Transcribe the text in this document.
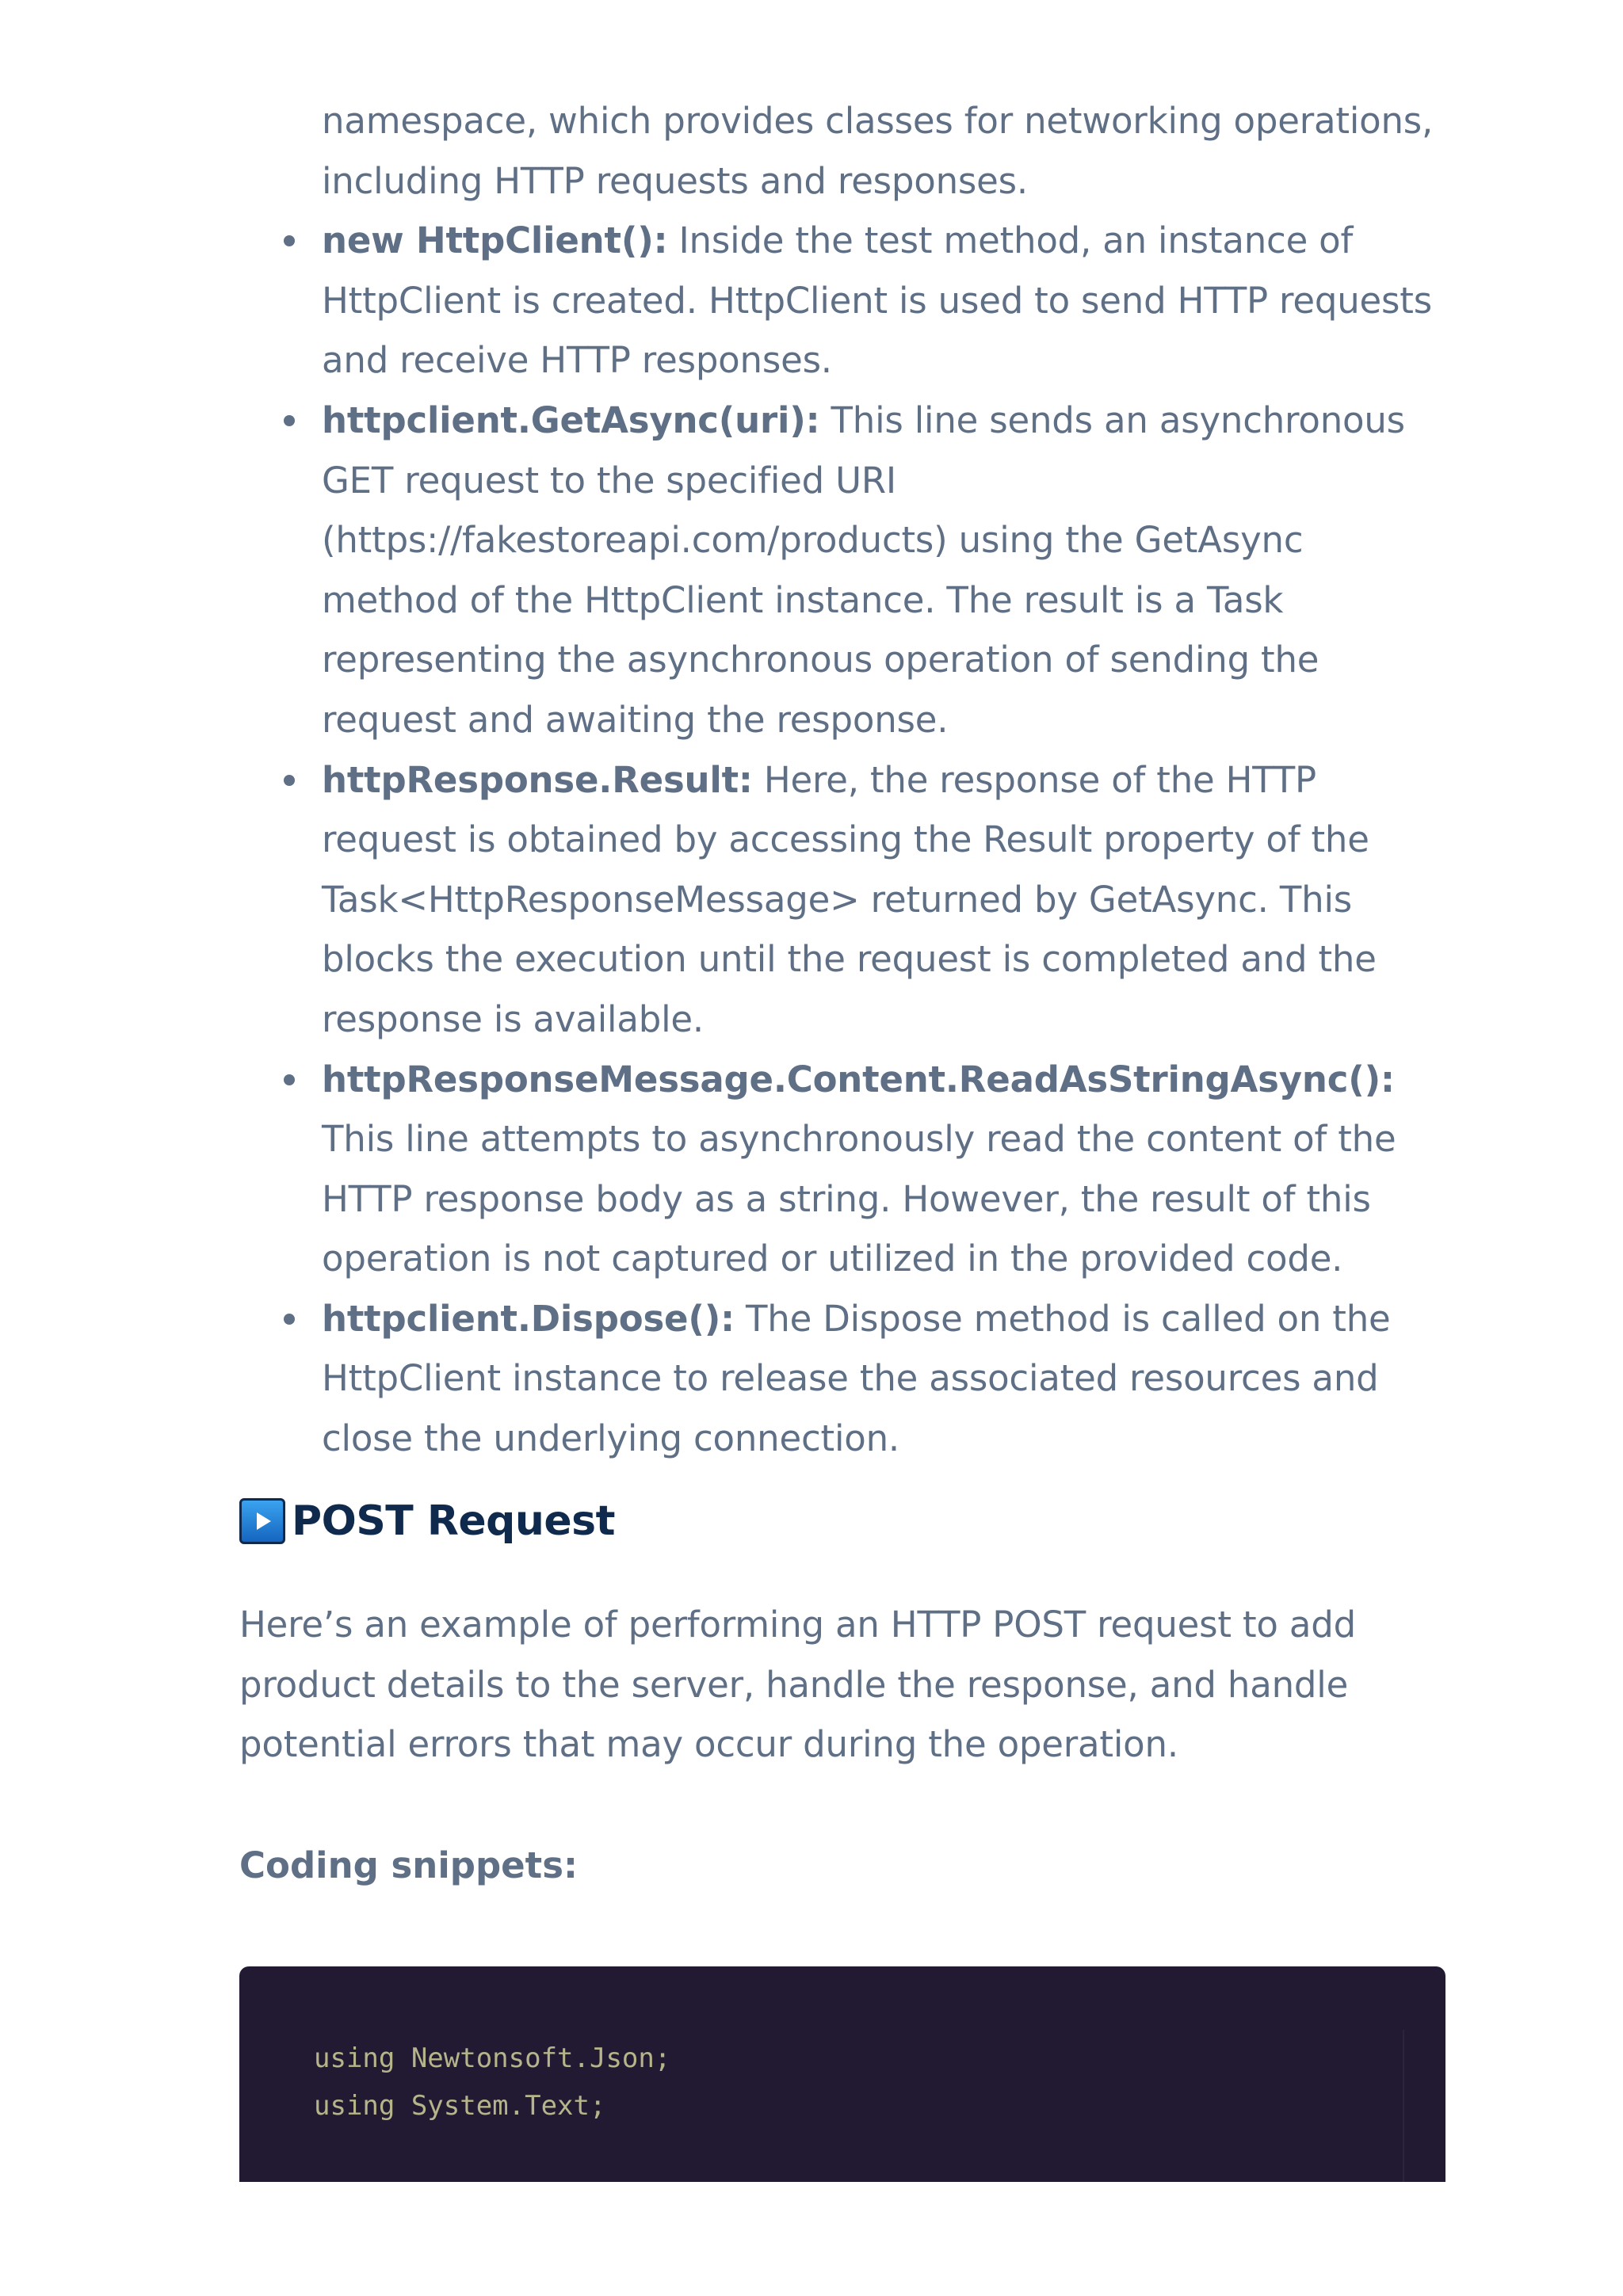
namespace, which provides classes for networking operations,
including HTTP requests and responses.
new HttpClient(): Inside the test method, an instance of HttpClient is created. HttpClient is used to send HTTP requests and receive HTTP responses.
httpclient.GetAsync(uri): This line sends an asynchronous GET request to the specified URI (https://fakestoreapi.com/products) using the GetAsync method of the HttpClient instance. The result is a Task representing the asynchronous operation of sending the request and awaiting the response.
httpResponse.Result: Here, the response of the HTTP request is obtained by accessing the Result property of the Task<HttpResponseMessage> returned by GetAsync. This blocks the execution until the request is completed and the response is available.
httpResponseMessage.Content.ReadAsStringAsync(): This line attempts to asynchronously read the content of the HTTP response body as a string. However, the result of this operation is not captured or utilized in the provided code.
httpclient.Dispose(): The Dispose method is called on the HttpClient instance to release the associated resources and close the underlying connection.
POST Request

Here’s an example of performing an HTTP POST request to add product details to the server, handle the response, and handle potential errors that may occur during the operation.

Coding snippets:
using Newtonsoft.Json;
using System.Text;
